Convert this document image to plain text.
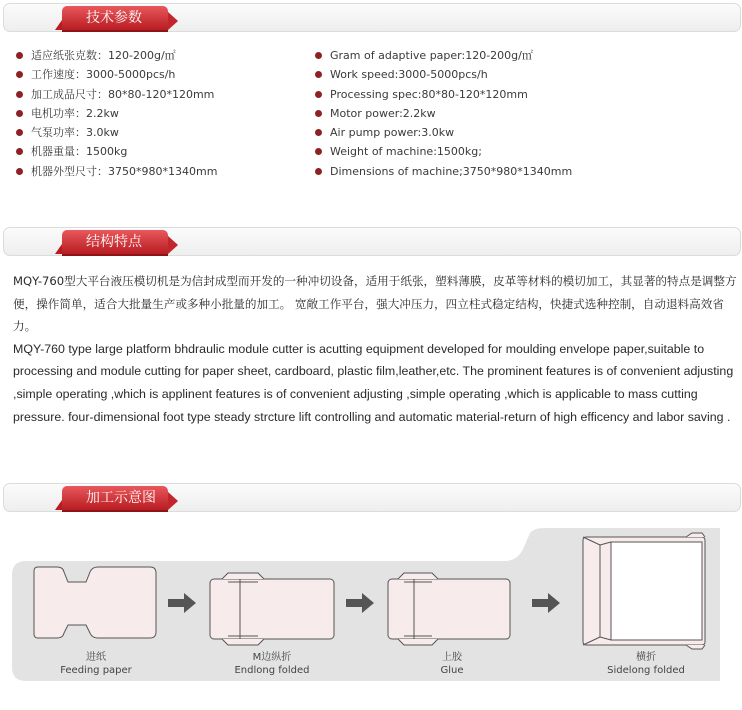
技术参数
适应纸张克数：120-200g/㎡
工作速度：3000-5000pcs/h
加工成品尺寸：80*80-120*120mm
电机功率：2.2kw
气泵功率：3.0kw
机器重量：1500kg
机器外型尺寸：3750*980*1340mm
Gram of adaptive paper:120-200g/㎡
Work speed:3000-5000pcs/h
Processing spec:80*80-120*120mm
Motor power:2.2kw
Air pump power:3.0kw
Weight of machine:1500kg;
Dimensions of machine;3750*980*1340mm
结构特点

MQY-760型大平台液压模切机是为信封成型而开发的一种冲切设备，适用于纸张，塑料薄膜，皮革等材料的模切加工，其显著的特点是调整方便，操作简单，适合大批量生产或多种小批量的加工。 宽敞工作平台，强大冲压力，四立柱式稳定结构，快捷式选种控制，自动退料高效省力。

MQY-760 type large platform bhdraulic module cutter is acutting equipment developed for moulding envelope paper,suitable to processing and module cutting for paper sheet, cardboard, plastic film,leather,etc. The prominent features is of convenient adjusting ,simple operating ,which is applinent features is of convenient adjusting ,simple operating ,which is applicable to mass cutting pressure. four-dimensional foot type steady strcture lift controlling and automatic material-return of high efficency and labor saving .

加工示意图
进纸
Feeding paper
M边纵折
Endlong folded
上胶
Glue
横折
Sidelong folded
